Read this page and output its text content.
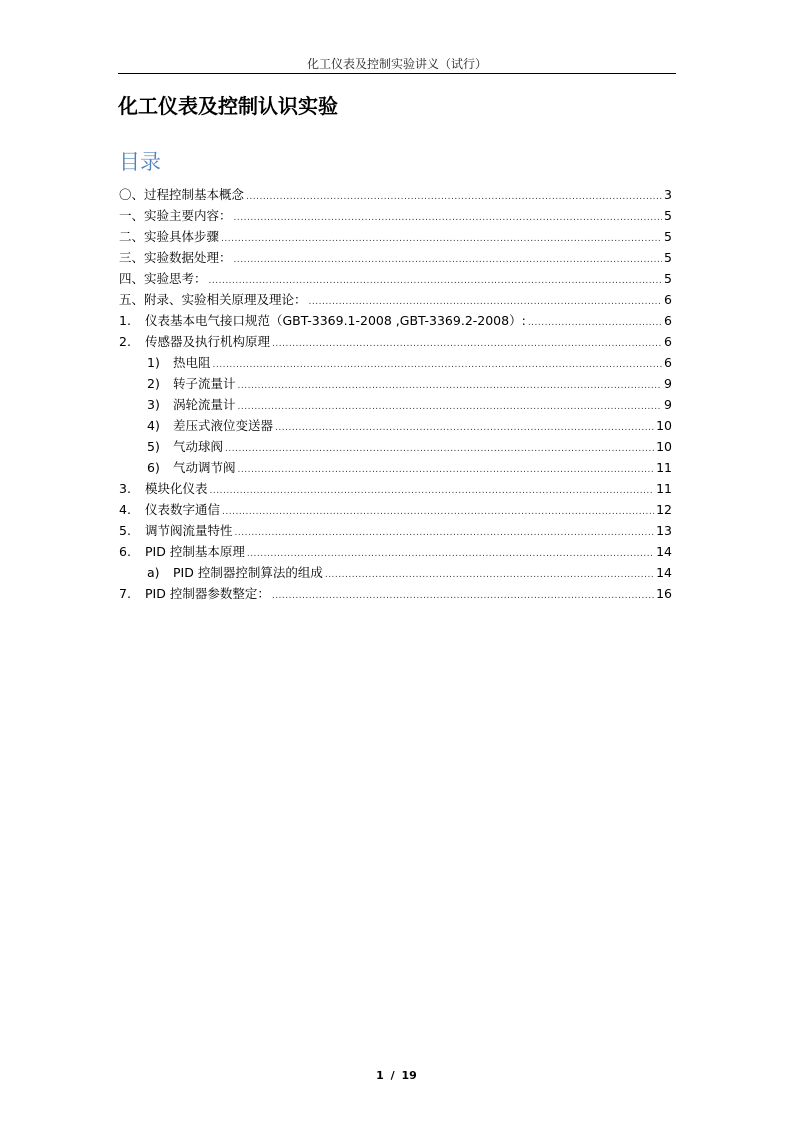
化工仪表及控制实验讲义（试行）
化工仪表及控制认识实验
目录
〇、过程控制基本概念 .....	3
一、实验主要内容： .....	5
二、实验具体步骤 .....	5
三、实验数据处理： .....	5
四、实验思考： .....	5
五、附录、实验相关原理及理论： .....	6
1.	仪表基本电气接口规范（GBT-3369.1-2008 ,GBT-3369.2-2008）: .....	6
2.	传感器及执行机构原理 .....	6
1)	热电阻 .....	6
2)	转子流量计 .....	9
3)	涡轮流量计 .....	9
4)	差压式液位变送器 .....	10
5)	气动球阀 .....	10
6)	气动调节阀 .....	11
3.	模块化仪表 .....	11
4.	仪表数字通信 .....	12
5.	调节阀流量特性 .....	13
6.	PID 控制基本原理 .....	14
a)	PID 控制器控制算法的组成 .....	14
7.	PID 控制器参数整定： .....	16
1 / 19
